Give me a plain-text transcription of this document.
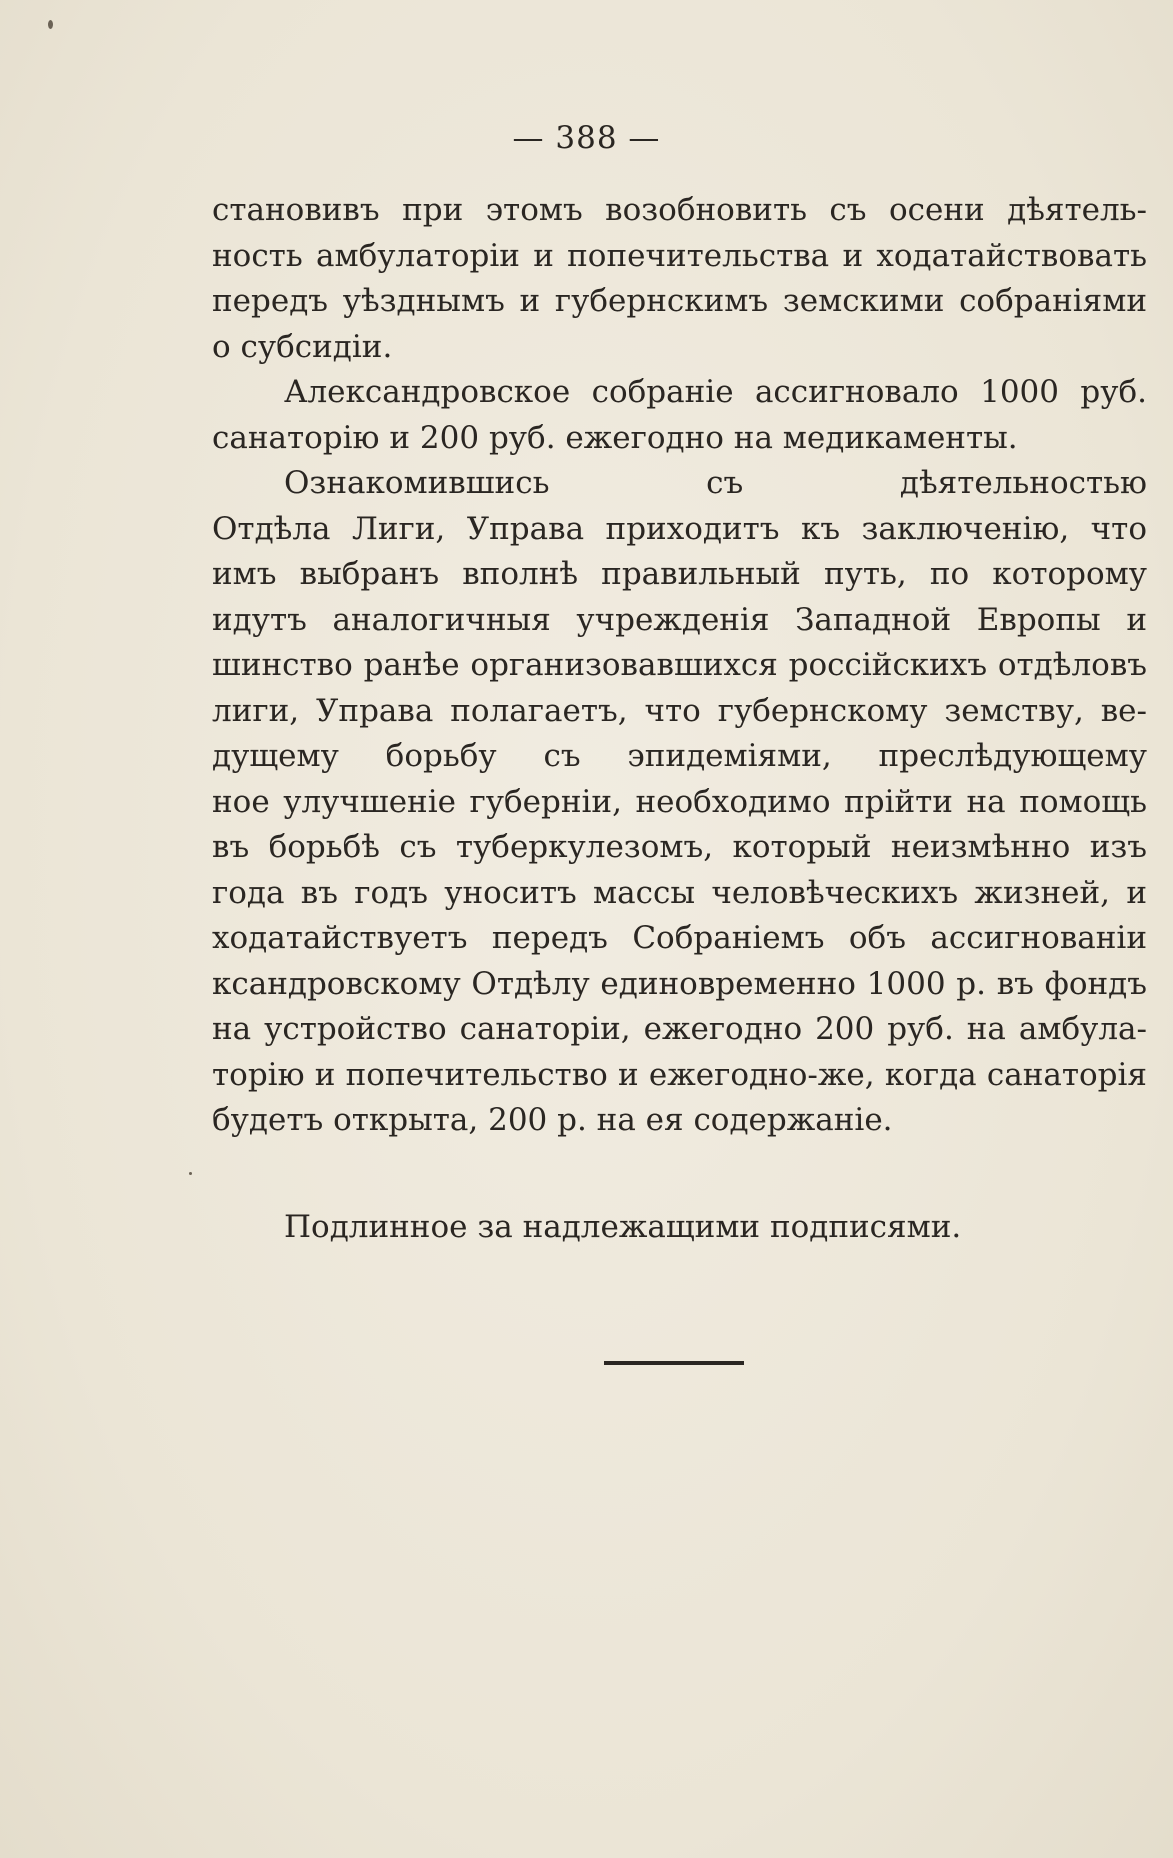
— 388 —
становивъ при этомъ возобновить съ осени дѣятель-
ность амбулаторіи и попечительства и ходатайствовать
передъ уѣзднымъ и губернскимъ земскими собраніями
о субсидіи.
Александровское собраніе ассигновало 1000 руб.
санаторію и 200 руб. ежегодно на медикаменты.
Ознакомившись съ дѣятельностью
Отдѣла Лиги, Управа приходитъ къ заключенію, что
имъ выбранъ вполнѣ правильный путь, по которому
идутъ аналогичныя учрежденія Западной Европы и
шинство ранѣе организовавшихся россійскихъ отдѣловъ
лиги, Управа полагаетъ, что губернскому земству, ве-
дущему борьбу съ эпидеміями, преслѣдующему
ное улучшеніе губерніи, необходимо прійти на помощь
въ борьбѣ съ туберкулезомъ, который неизмѣнно изъ
года въ годъ уноситъ массы человѣческихъ жизней, и
ходатайствуетъ передъ Собраніемъ объ ассигнованіи
ксандровскому Отдѣлу единовременно 1000 р. въ фондъ
на устройство санаторіи, ежегодно 200 руб. на амбула-
торію и попечительство и ежегодно-же, когда санаторія
будетъ открыта, 200 р. на ея содержаніе.
Подлинное за надлежащими подписями.
